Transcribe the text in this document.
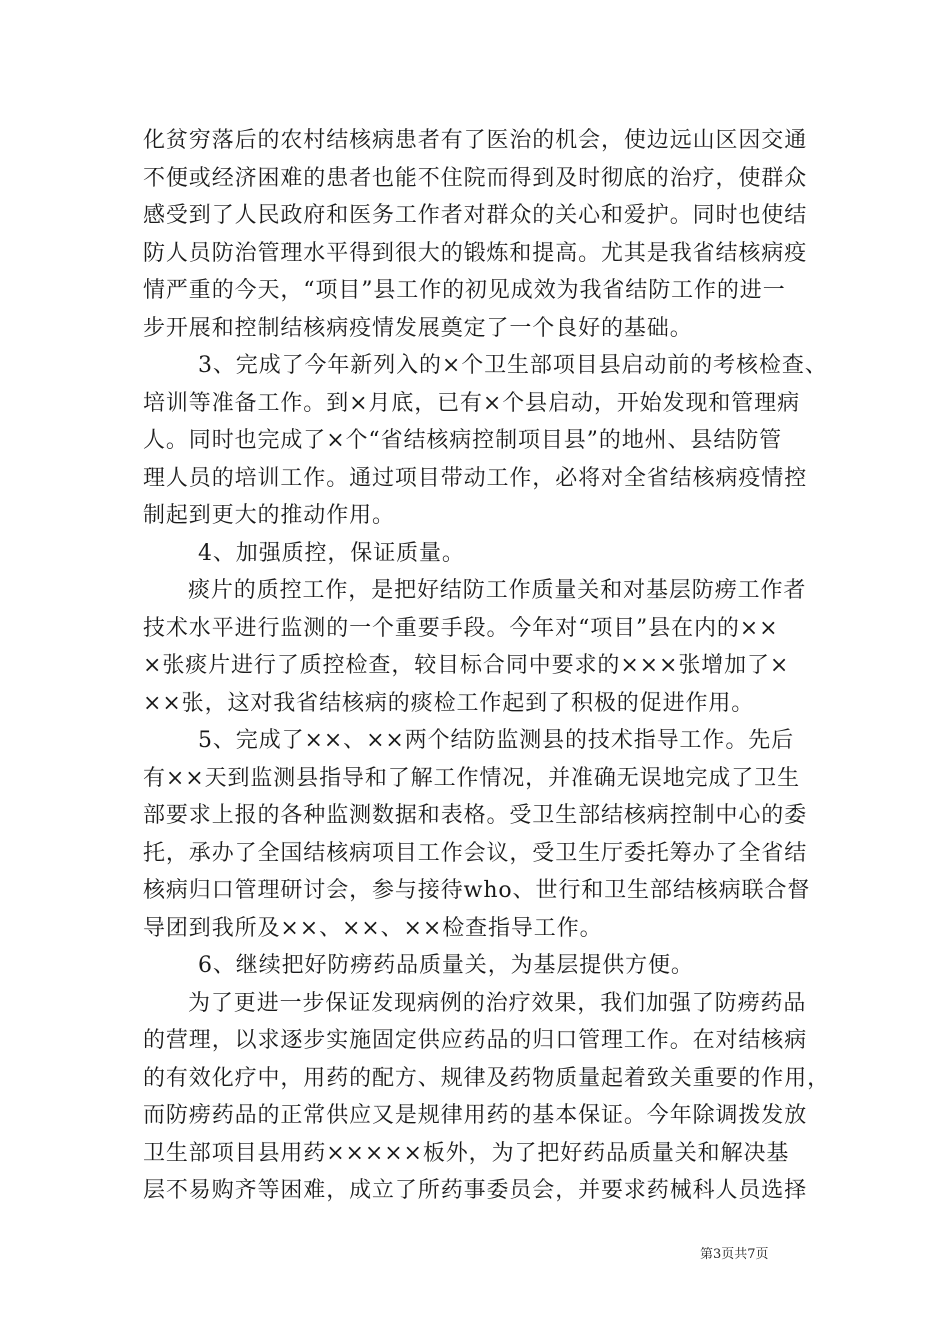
化贫穷落后的农村结核病患者有了医治的机会，使边远山区因交通
不便或经济困难的患者也能不住院而得到及时彻底的治疗，使群众
感受到了人民政府和医务工作者对群众的关心和爱护。同时也使结
防人员防治管理水平得到很大的锻炼和提高。尤其是我省结核病疫
情严重的今天，“项目”县工作的初见成效为我省结防工作的进一
步开展和控制结核病疫情发展奠定了一个良好的基础。
3、完成了今年新列入的×个卫生部项目县启动前的考核检查、
培训等准备工作。到×月底，已有×个县启动，开始发现和管理病
人。同时也完成了×个“省结核病控制项目县”的地州、县结防管
理人员的培训工作。通过项目带动工作，必将对全省结核病疫情控
制起到更大的推动作用。
4、加强质控，保证质量。
痰片的质控工作，是把好结防工作质量关和对基层防痨工作者
技术水平进行监测的一个重要手段。今年对“项目”县在内的××
×张痰片进行了质控检查，较目标合同中要求的×××张增加了×
××张，这对我省结核病的痰检工作起到了积极的促进作用。
5、完成了××、××两个结防监测县的技术指导工作。先后
有××天到监测县指导和了解工作情况，并准确无误地完成了卫生
部要求上报的各种监测数据和表格。受卫生部结核病控制中心的委
托，承办了全国结核病项目工作会议，受卫生厅委托筹办了全省结
核病归口管理研讨会，参与接待who、世行和卫生部结核病联合督
导团到我所及××、××、××检查指导工作。
6、继续把好防痨药品质量关，为基层提供方便。
为了更进一步保证发现病例的治疗效果，我们加强了防痨药品
的营理，以求逐步实施固定供应药品的归口管理工作。在对结核病
的有效化疗中，用药的配方、规律及药物质量起着致关重要的作用，
而防痨药品的正常供应又是规律用药的基本保证。今年除调拨发放
卫生部项目县用药×××××板外，为了把好药品质量关和解决基
层不易购齐等困难，成立了所药事委员会，并要求药械科人员选择
第3页共7页
